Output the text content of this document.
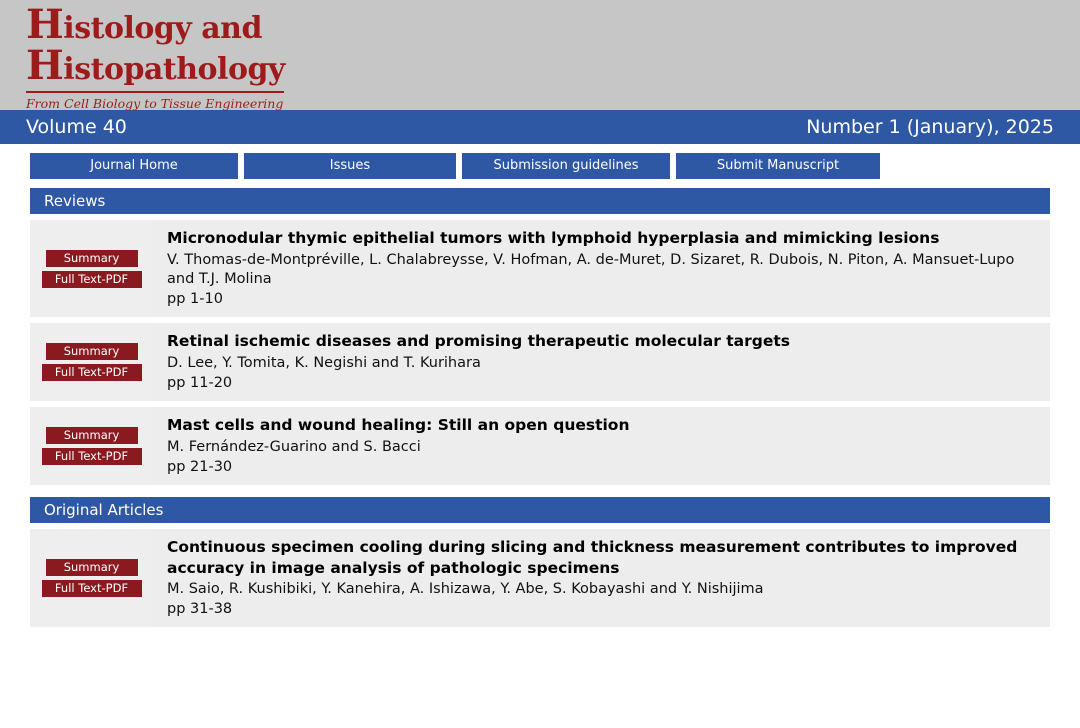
Histology and
Histopathology
From Cell Biology to Tissue Engineering
Volume 40	Number 1 (January), 2025
Journal Home	Issues	Submission guidelines	Submit Manuscript
Reviews
Summary
Full Text-PDF
Micronodular thymic epithelial tumors with lymphoid hyperplasia and mimicking lesions
V. Thomas-de-Montpréville, L. Chalabreysse, V. Hofman, A. de-Muret, D. Sizaret, R. Dubois, N. Piton, A. Mansuet-Lupo and T.J. Molina
pp 1-10
Summary
Full Text-PDF
Retinal ischemic diseases and promising therapeutic molecular targets
D. Lee, Y. Tomita, K. Negishi and T. Kurihara
pp 11-20
Summary
Full Text-PDF
Mast cells and wound healing: Still an open question
M. Fernández-Guarino and S. Bacci
pp 21-30
Original Articles
Summary
Full Text-PDF
Continuous specimen cooling during slicing and thickness measurement contributes to improved accuracy in image analysis of pathologic specimens
M. Saio, R. Kushibiki, Y. Kanehira, A. Ishizawa, Y. Abe, S. Kobayashi and Y. Nishijima
pp 31-38
